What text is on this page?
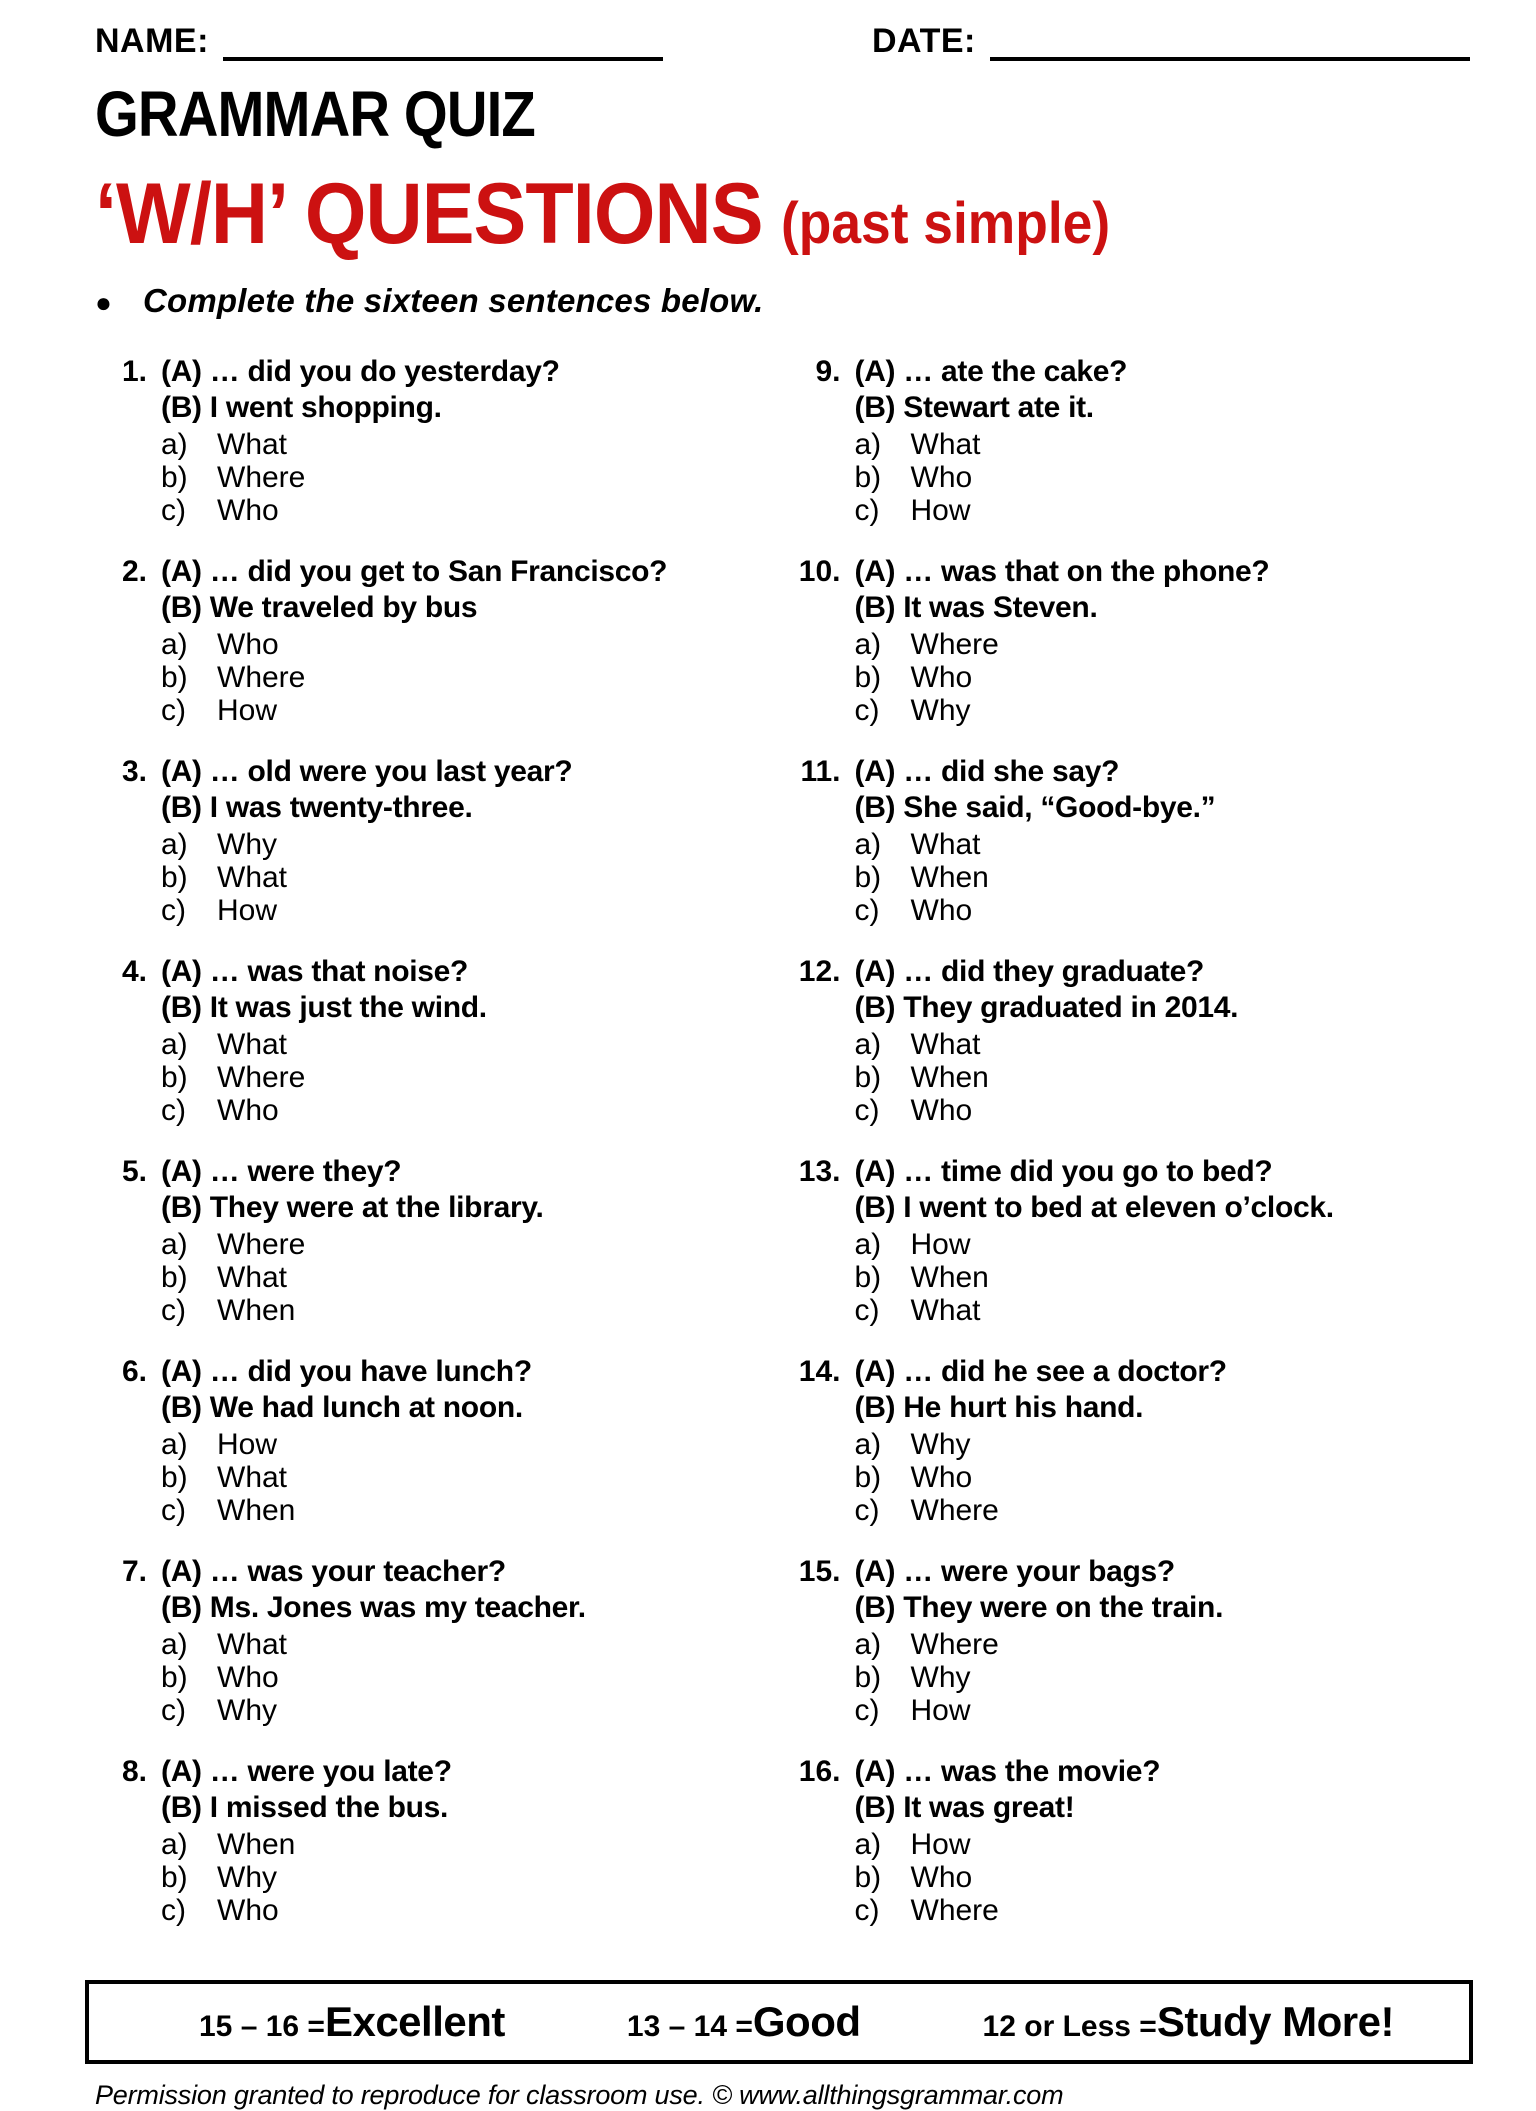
NAME:	DATE:
GRAMMAR QUIZ
‘W/H’ QUESTIONS (past simple)
● Complete the sixteen sentences below.
1. (A) … did you do yesterday?
(B) I went shopping.
a) What
b) Where
c) Who
2. (A) … did you get to San Francisco?
(B) We traveled by bus
a) Who
b) Where
c) How
3. (A) … old were you last year?
(B) I was twenty-three.
a) Why
b) What
c) How
4. (A) … was that noise?
(B) It was just the wind.
a) What
b) Where
c) Who
5. (A) … were they?
(B) They were at the library.
a) Where
b) What
c) When
6. (A) … did you have lunch?
(B) We had lunch at noon.
a) How
b) What
c) When
7. (A) … was your teacher?
(B) Ms. Jones was my teacher.
a) What
b) Who
c) Why
8. (A) … were you late?
(B) I missed the bus.
a) When
b) Why
c) Who
9. (A) … ate the cake?
(B) Stewart ate it.
a) What
b) Who
c) How
10. (A) … was that on the phone?
(B) It was Steven.
a) Where
b) Who
c) Why
11. (A) … did she say?
(B) She said, “Good-bye.”
a) What
b) When
c) Who
12. (A) … did they graduate?
(B) They graduated in 2014.
a) What
b) When
c) Who
13. (A) … time did you go to bed?
(B) I went to bed at eleven o’clock.
a) How
b) When
c) What
14. (A) … did he see a doctor?
(B) He hurt his hand.
a) Why
b) Who
c) Where
15. (A) … were your bags?
(B) They were on the train.
a) Where
b) Why
c) How
16. (A) … was the movie?
(B) It was great!
a) How
b) Who
c) Where
15 – 16 = Excellent	13 – 14 = Good	12 or Less = Study More!
Permission granted to reproduce for classroom use. © www.allthingsgrammar.com
